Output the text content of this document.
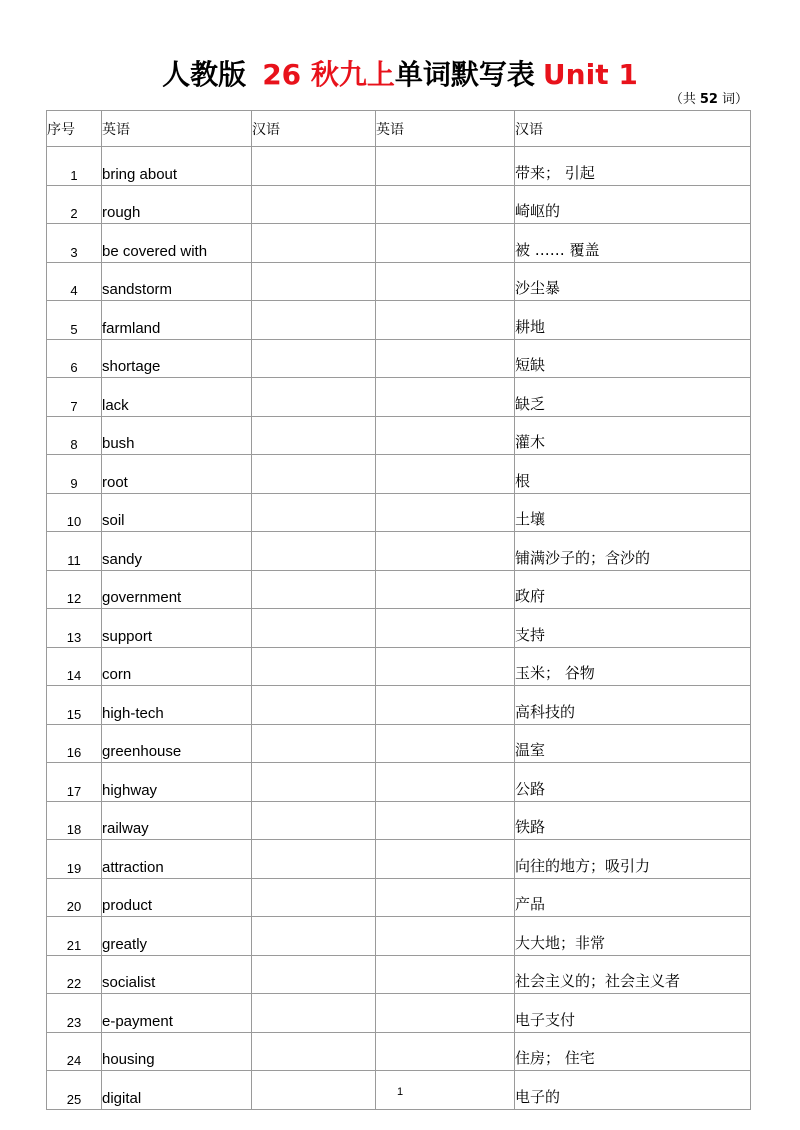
人教版 26 秋九上单词默写表 Unit 1
（共 52 词）
序号	英语	汉语	英语	汉语
1	bring about			带来； 引起
2	rough			崎岖的
3	be covered with			被 …… 覆盖
4	sandstorm			沙尘暴
5	farmland			耕地
6	shortage			短缺
7	lack			缺乏
8	bush			灌木
9	root			根
10	soil			土壤
11	sandy			铺满沙子的；含沙的
12	government			政府
13	support			支持
14	corn			玉米； 谷物
15	high-tech			高科技的
16	greenhouse			温室
17	highway			公路
18	railway			铁路
19	attraction			向往的地方；吸引力
20	product			产品
21	greatly			大大地；非常
22	socialist			社会主义的；社会主义者
23	e-payment			电子支付
24	housing			住房； 住宅
25	digital			电子的
1
